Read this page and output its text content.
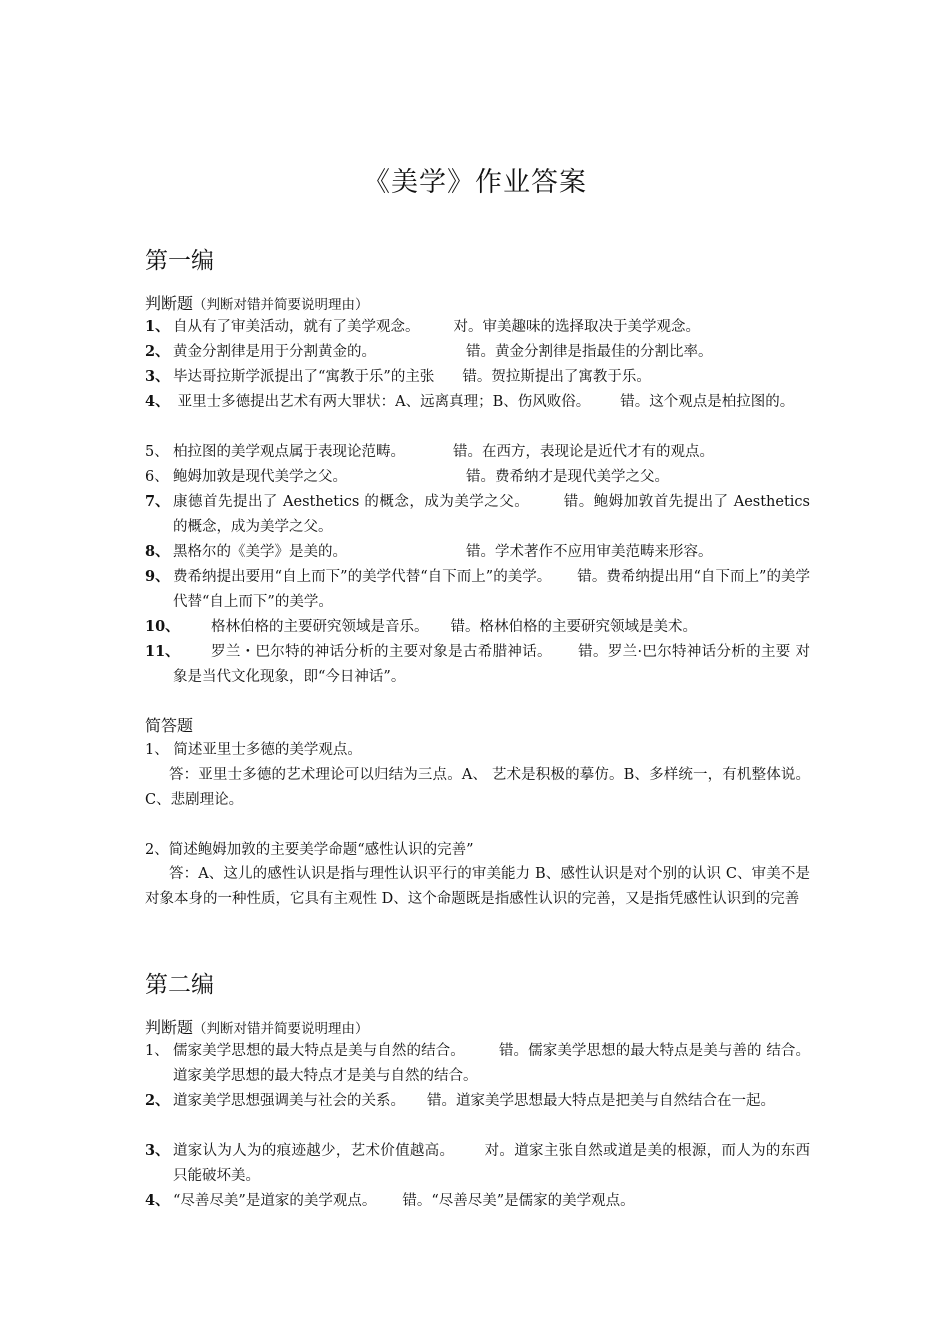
《美学》作业答案
第一编
判断题（判断对错并简要说明理由）
1、 自从有了审美活动，就有了美学观念。 对。审美趣味的选择取决于美学观念。
2、 黄金分割律是用于分割黄金的。	错。黄金分割律是指最佳的分割比率。
3、 毕达哥拉斯学派提出了“寓教于乐”的主张 错。贺拉斯提出了寓教于乐。
4、 亚里士多德提出艺术有两大罪状：A、远离真理；B、伤风败俗。 错。这个观点是柏拉图的。
5、 柏拉图的美学观点属于表现论范畴。	错。在西方，表现论是近代才有的观点。
6、 鲍姆加敦是现代美学之父。	错。费希纳才是现代美学之父。
7、 康德首先提出了 Aesthetics 的概念，成为美学之父。 错。鲍姆加敦首先提出了 Aesthetics 的概念，成为美学之父。
8、 黑格尔的《美学》是美的。	错。学术著作不应用审美范畴来形容。
9、 费希纳提出要用“自上而下”的美学代替“自下而上”的美学。 错。费希纳提出用“自下而上”的美学代替“自上而下”的美学。
10、	格林伯格的主要研究领域是音乐。 错。格林伯格的主要研究领域是美术。
11、	罗兰・巴尔特的神话分析的主要对象是古希腊神话。 错。罗兰·巴尔特神话分析的主要 对象是当代文化现象，即“今日神话”。
简答题
1、 简述亚里士多德的美学观点。
答：亚里士多德的艺术理论可以归结为三点。A、 艺术是积极的摹仿。B、多样统一，有机整体说。 C、悲剧理论。
2、简述鲍姆加敦的主要美学命题“感性认识的完善”
答：A、这儿的感性认识是指与理性认识平行的审美能力 B、感性认识是对个别的认识 C、审美不是对象本身的一种性质，它具有主观性 D、这个命题既是指感性认识的完善，又是指凭感性认识到的完善
第二编
判断题（判断对错并简要说明理由）
1、 儒家美学思想的最大特点是美与自然的结合。 错。儒家美学思想的最大特点是美与善的 结合。道家美学思想的最大特点才是美与自然的结合。
2、 道家美学思想强调美与社会的关系。 错。道家美学思想最大特点是把美与自然结合在一起。
3、 道家认为人为的痕迹越少，艺术价值越高。 对。道家主张自然或道是美的根源，而人为的东西只能破坏美。
4、 “尽善尽美”是道家的美学观点。 错。“尽善尽美”是儒家的美学观点。
